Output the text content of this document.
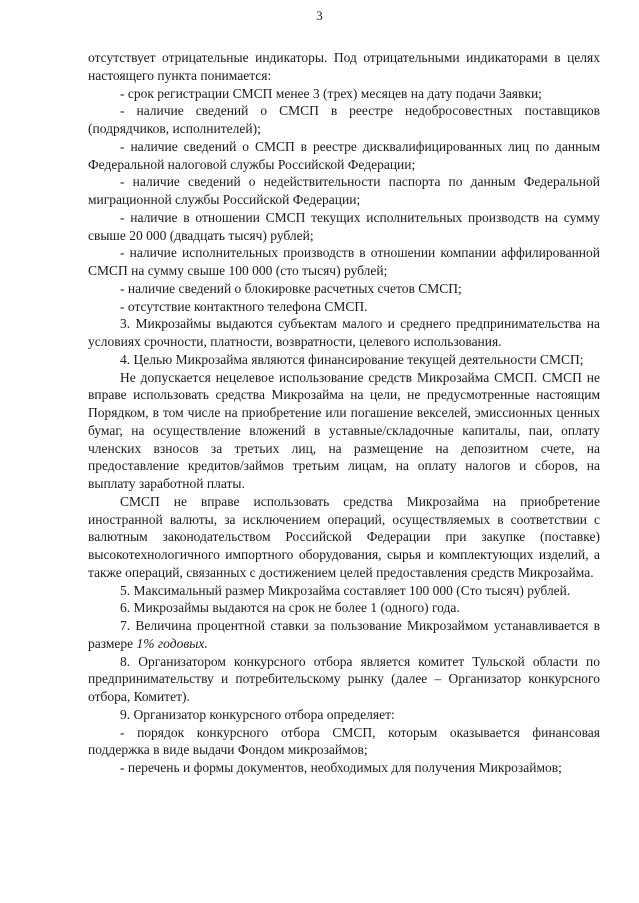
3

отсутствует отрицательные индикаторы. Под отрицательными индикаторами в целях настоящего пункта понимается:

- срок регистрации СМСП менее 3 (трех) месяцев на дату подачи Заявки;

- наличие сведений о СМСП в реестре недобросовестных поставщиков (подрядчиков, исполнителей);

- наличие сведений о СМСП в реестре дисквалифицированных лиц по данным Федеральной налоговой службы Российской Федерации;

- наличие сведений о недействительности паспорта по данным Федеральной миграционной службы Российской Федерации;

- наличие в отношении СМСП текущих исполнительных производств на сумму свыше 20 000 (двадцать тысяч) рублей;

- наличие исполнительных производств в отношении компании аффилированной СМСП на сумму свыше 100 000 (сто тысяч) рублей;

- наличие сведений о блокировке расчетных счетов СМСП;

- отсутствие контактного телефона СМСП.

3. Микрозаймы выдаются субъектам малого и среднего предпринимательства на условиях срочности, платности, возвратности, целевого использования.

4. Целью Микрозайма являются финансирование текущей деятельности СМСП;

Не допускается нецелевое использование средств Микрозайма СМСП. СМСП не вправе использовать средства Микрозайма на цели, не предусмотренные настоящим Порядком, в том числе на приобретение или погашение векселей, эмиссионных ценных бумаг, на осуществление вложений в уставные/складочные капиталы, паи, оплату членских взносов за третьих лиц, на размещение на депозитном счете, на предоставление кредитов/займов третьим лицам, на оплату налогов и сборов, на выплату заработной платы.

СМСП не вправе использовать средства Микрозайма на приобретение иностранной валюты, за исключением операций, осуществляемых в соответствии с валютным законодательством Российской Федерации при закупке (поставке) высокотехнологичного импортного оборудования, сырья и комплектующих изделий, а также операций, связанных с достижением целей предоставления средств Микрозайма.

5. Максимальный размер Микрозайма составляет 100 000 (Сто тысяч) рублей.

6. Микрозаймы выдаются на срок не более 1 (одного) года.

7. Величина процентной ставки за пользование Микрозаймом устанавливается в размере 1% годовых.

8. Организатором конкурсного отбора является комитет Тульской области по предпринимательству и потребительскому рынку (далее – Организатор конкурсного отбора, Комитет).

9. Организатор конкурсного отбора определяет:

- порядок конкурсного отбора СМСП, которым оказывается финансовая поддержка в виде выдачи Фондом микрозаймов;

- перечень и формы документов, необходимых для получения Микрозаймов;
